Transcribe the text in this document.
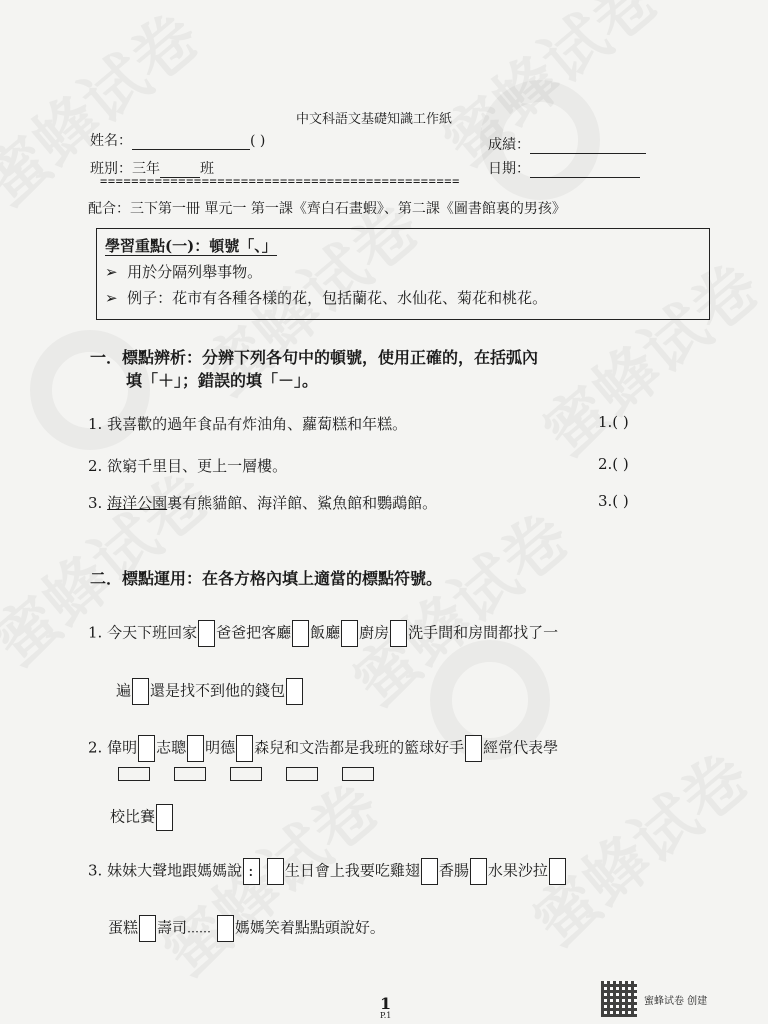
中文科語文基礎知識工作紙
姓名：	( )	成績：
班別：三年	班	日期：
==============================================
配合：三下第一冊 單元一 第一課《齊白石畫蝦》、第二課《圖書館裏的男孩》
學習重點(一)：頓號「、」
➢ 用於分隔列舉事物。
➢ 例子：花市有各種各樣的花，包括蘭花、水仙花、菊花和桃花。
一．標點辨析：分辨下列各句中的頓號，使用正確的，在括弧內
填「＋」；錯誤的填「－」。
1. 我喜歡的過年食品有炸油角、蘿蔔糕和年糕。	1.( )
2. 欲窮千里目、更上一層樓。	2.( )
3. 海洋公園裏有熊貓館、海洋館、鯊魚館和鸚鵡館。	3.( )
二．標點運用：在各方格內填上適當的標點符號。
1. 今天下班回家 爸爸把客廳 飯廳 廚房 洗手間和房間都找了一
遍 還是找不到他的錢包
2. 偉明 志聰 明德 森兒和文浩都是我班的籃球好手 經常代表學
校比賽
3. 妹妹大聲地跟媽媽說 : 生日會上我要吃雞翅 香腸 水果沙拉
蛋糕 壽司…… 媽媽笑着點點頭說好。
1
P.1
蜜蜂试卷 创建
